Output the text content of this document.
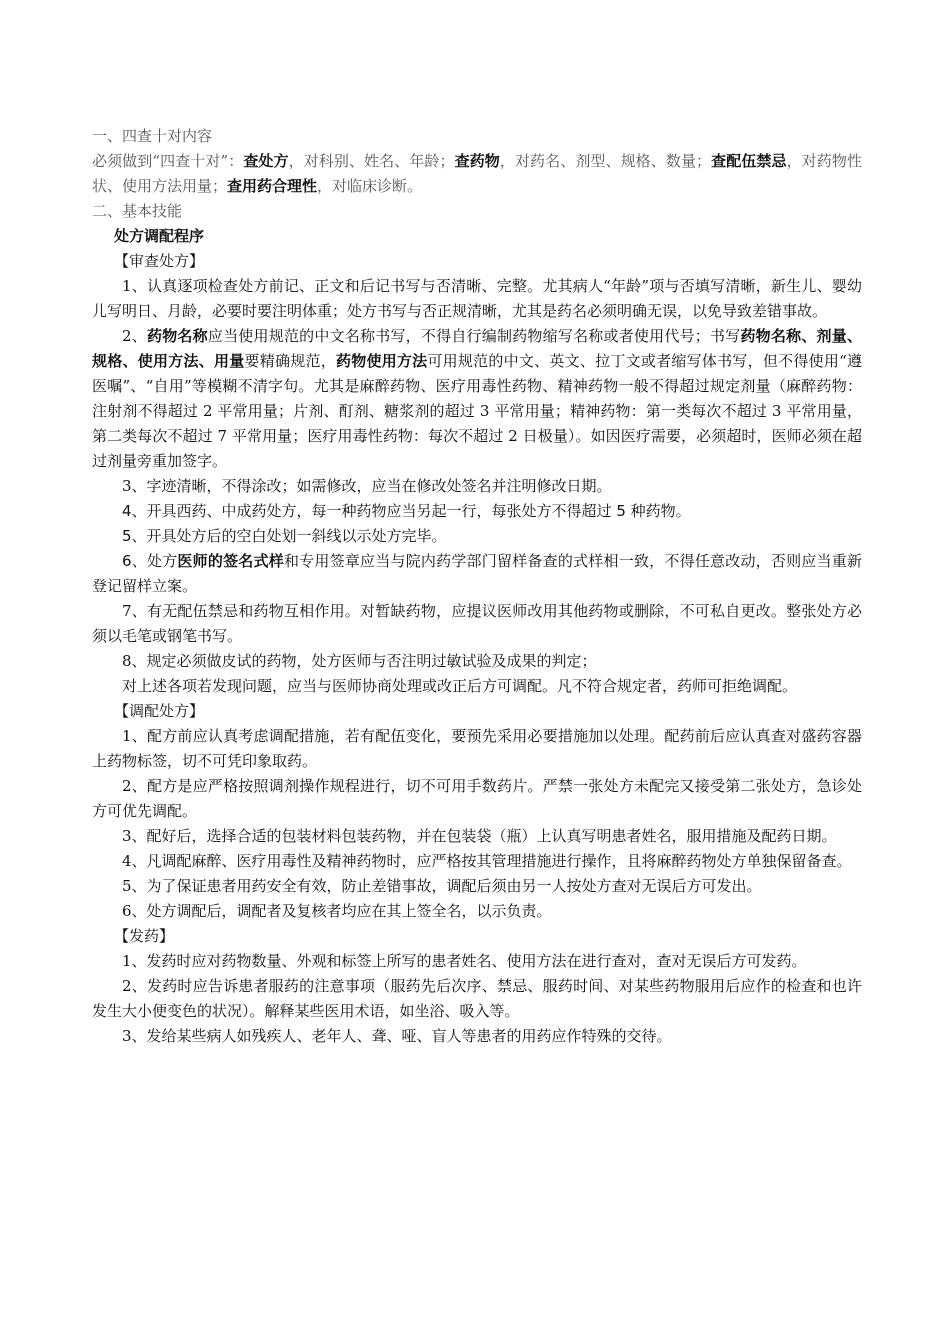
一、四查十对内容

必须做到“四查十对”：查处方，对科别、姓名、年龄；查药物，对药名、剂型、规格、数量；查配伍禁忌，对药物性状、使用方法用量；查用药合理性，对临床诊断。

二、基本技能

处方调配程序

【审查处方】

1、认真逐项检查处方前记、正文和后记书写与否清晰、完整。尤其病人“年龄”项与否填写清晰，新生儿、婴幼儿写明日、月龄，必要时要注明体重；处方书写与否正规清晰，尤其是药名必须明确无误，以免导致差错事故。

2、药物名称应当使用规范的中文名称书写，不得自行编制药物缩写名称或者使用代号；书写药物名称、剂量、规格、使用方法、用量要精确规范，药物使用方法可用规范的中文、英文、拉丁文或者缩写体书写，但不得使用“遵医嘱”、“自用”等模糊不清字句。尤其是麻醉药物、医疗用毒性药物、精神药物一般不得超过规定剂量（麻醉药物：注射剂不得超过 2 平常用量；片剂、酊剂、糖浆剂的超过 3 平常用量；精神药物：第一类每次不超过 3 平常用量，第二类每次不超过 7 平常用量；医疗用毒性药物：每次不超过 2 日极量）。如因医疗需要，必须超时，医师必须在超过剂量旁重加签字。

3、字迹清晰，不得涂改；如需修改，应当在修改处签名并注明修改日期。

4、开具西药、中成药处方，每一种药物应当另起一行，每张处方不得超过 5 种药物。

5、开具处方后的空白处划一斜线以示处方完毕。

6、处方医师的签名式样和专用签章应当与院内药学部门留样备查的式样相一致，不得任意改动，否则应当重新登记留样立案。

7、有无配伍禁忌和药物互相作用。对暂缺药物，应提议医师改用其他药物或删除，不可私自更改。整张处方必须以毛笔或钢笔书写。

8、规定必须做皮试的药物，处方医师与否注明过敏试验及成果的判定；

对上述各项若发现问题，应当与医师协商处理或改正后方可调配。凡不符合规定者，药师可拒绝调配。

【调配处方】

1、配方前应认真考虑调配措施，若有配伍变化，要预先采用必要措施加以处理。配药前后应认真查对盛药容器上药物标签，切不可凭印象取药。

2、配方是应严格按照调剂操作规程进行，切不可用手数药片。严禁一张处方未配完又接受第二张处方，急诊处方可优先调配。

3、配好后，选择合适的包装材料包装药物，并在包装袋（瓶）上认真写明患者姓名，服用措施及配药日期。

4、凡调配麻醉、医疗用毒性及精神药物时，应严格按其管理措施进行操作，且将麻醉药物处方单独保留备查。

5、为了保证患者用药安全有效，防止差错事故，调配后须由另一人按处方查对无误后方可发出。

6、处方调配后，调配者及复核者均应在其上签全名，以示负责。

【发药】

1、发药时应对药物数量、外观和标签上所写的患者姓名、使用方法在进行查对，查对无误后方可发药。

2、发药时应告诉患者服药的注意事项（服药先后次序、禁忌、服药时间、对某些药物服用后应作的检查和也许发生大小便变色的状况）。解释某些医用术语，如坐浴、吸入等。

3、发给某些病人如残疾人、老年人、聋、哑、盲人等患者的用药应作特殊的交待。
